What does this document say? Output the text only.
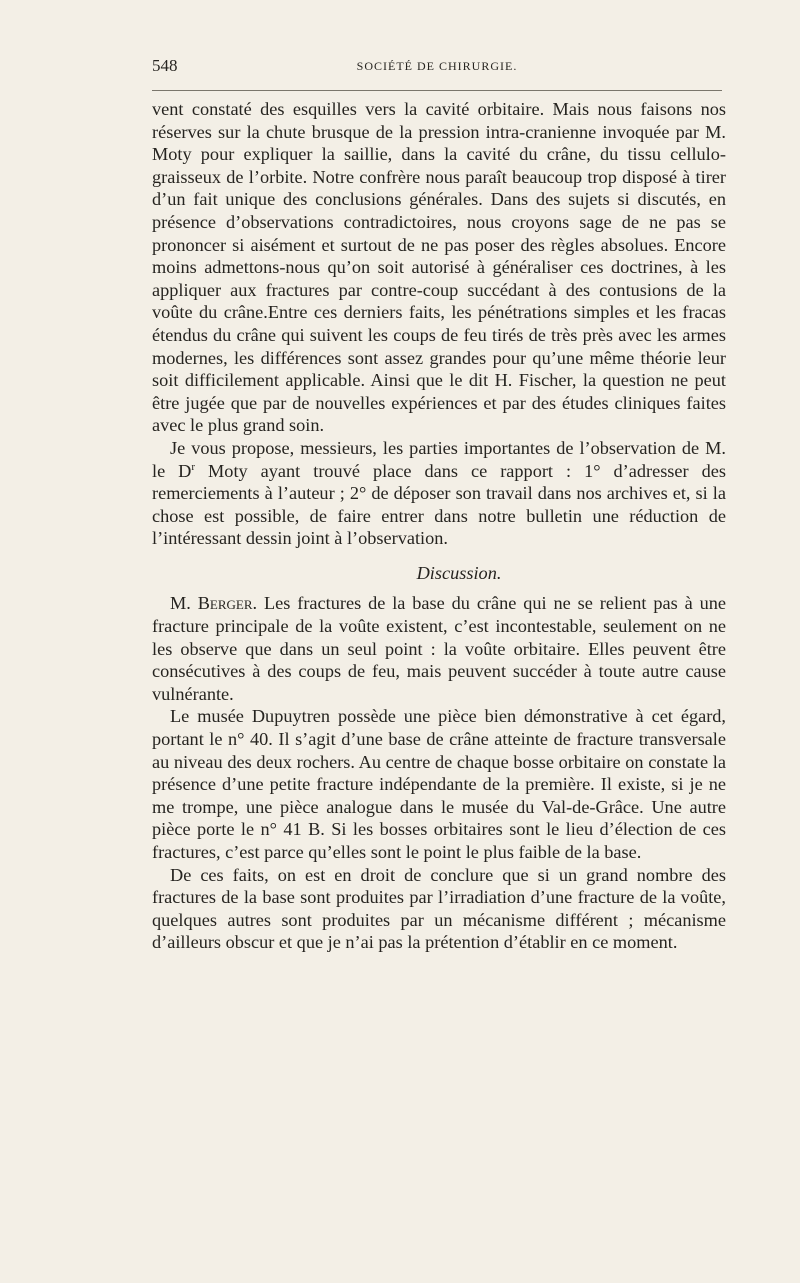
548	SOCIÉTÉ DE CHIRURGIE.

vent constaté des esquilles vers la cavité orbitaire. Mais nous faisons nos réserves sur la chute brusque de la pression intra-cranienne invoquée par M. Moty pour expliquer la saillie, dans la cavité du crâne, du tissu cellulo-graisseux de l’orbite. Notre confrère nous paraît beaucoup trop disposé à tirer d’un fait unique des conclusions générales. Dans des sujets si discutés, en présence d’observations contradictoires, nous croyons sage de ne pas se prononcer si aisément et surtout de ne pas poser des règles absolues. Encore moins admettons-nous qu’on soit autorisé à généraliser ces doctrines, à les appliquer aux fractures par contre-coup succédant à des contusions de la voûte du crâne.Entre ces derniers faits, les pénétrations simples et les fracas étendus du crâne qui suivent les coups de feu tirés de très près avec les armes modernes, les différences sont assez grandes pour qu’une même théorie leur soit difficilement applicable. Ainsi que le dit H. Fischer, la question ne peut être jugée que par de nouvelles expériences et par des études cliniques faites avec le plus grand soin.

Je vous propose, messieurs, les parties importantes de l’observation de M. le $D^r$ Moty ayant trouvé place dans ce rapport : 1° d’adresser des remerciements à l’auteur ; 2° de déposer son travail dans nos archives et, si la chose est possible, de faire entrer dans notre bulletin une réduction de l’intéressant dessin joint à l’observation.

Discussion.

M. Berger. Les fractures de la base du crâne qui ne se relient pas à une fracture principale de la voûte existent, c’est incontestable, seulement on ne les observe que dans un seul point : la voûte orbitaire. Elles peuvent être consécutives à des coups de feu, mais peuvent succéder à toute autre cause vulnérante.

Le musée Dupuytren possède une pièce bien démonstrative à cet égard, portant le n° 40. Il s’agit d’une base de crâne atteinte de fracture transversale au niveau des deux rochers. Au centre de chaque bosse orbitaire on constate la présence d’une petite fracture indépendante de la première. Il existe, si je ne me trompe, une pièce analogue dans le musée du Val-de-Grâce. Une autre pièce porte le n° 41 B. Si les bosses orbitaires sont le lieu d’élection de ces fractures, c’est parce qu’elles sont le point le plus faible de la base.

De ces faits, on est en droit de conclure que si un grand nombre des fractures de la base sont produites par l’irradiation d’une fracture de la voûte, quelques autres sont produites par un mécanisme différent ; mécanisme d’ailleurs obscur et que je n’ai pas la prétention d’établir en ce moment.
